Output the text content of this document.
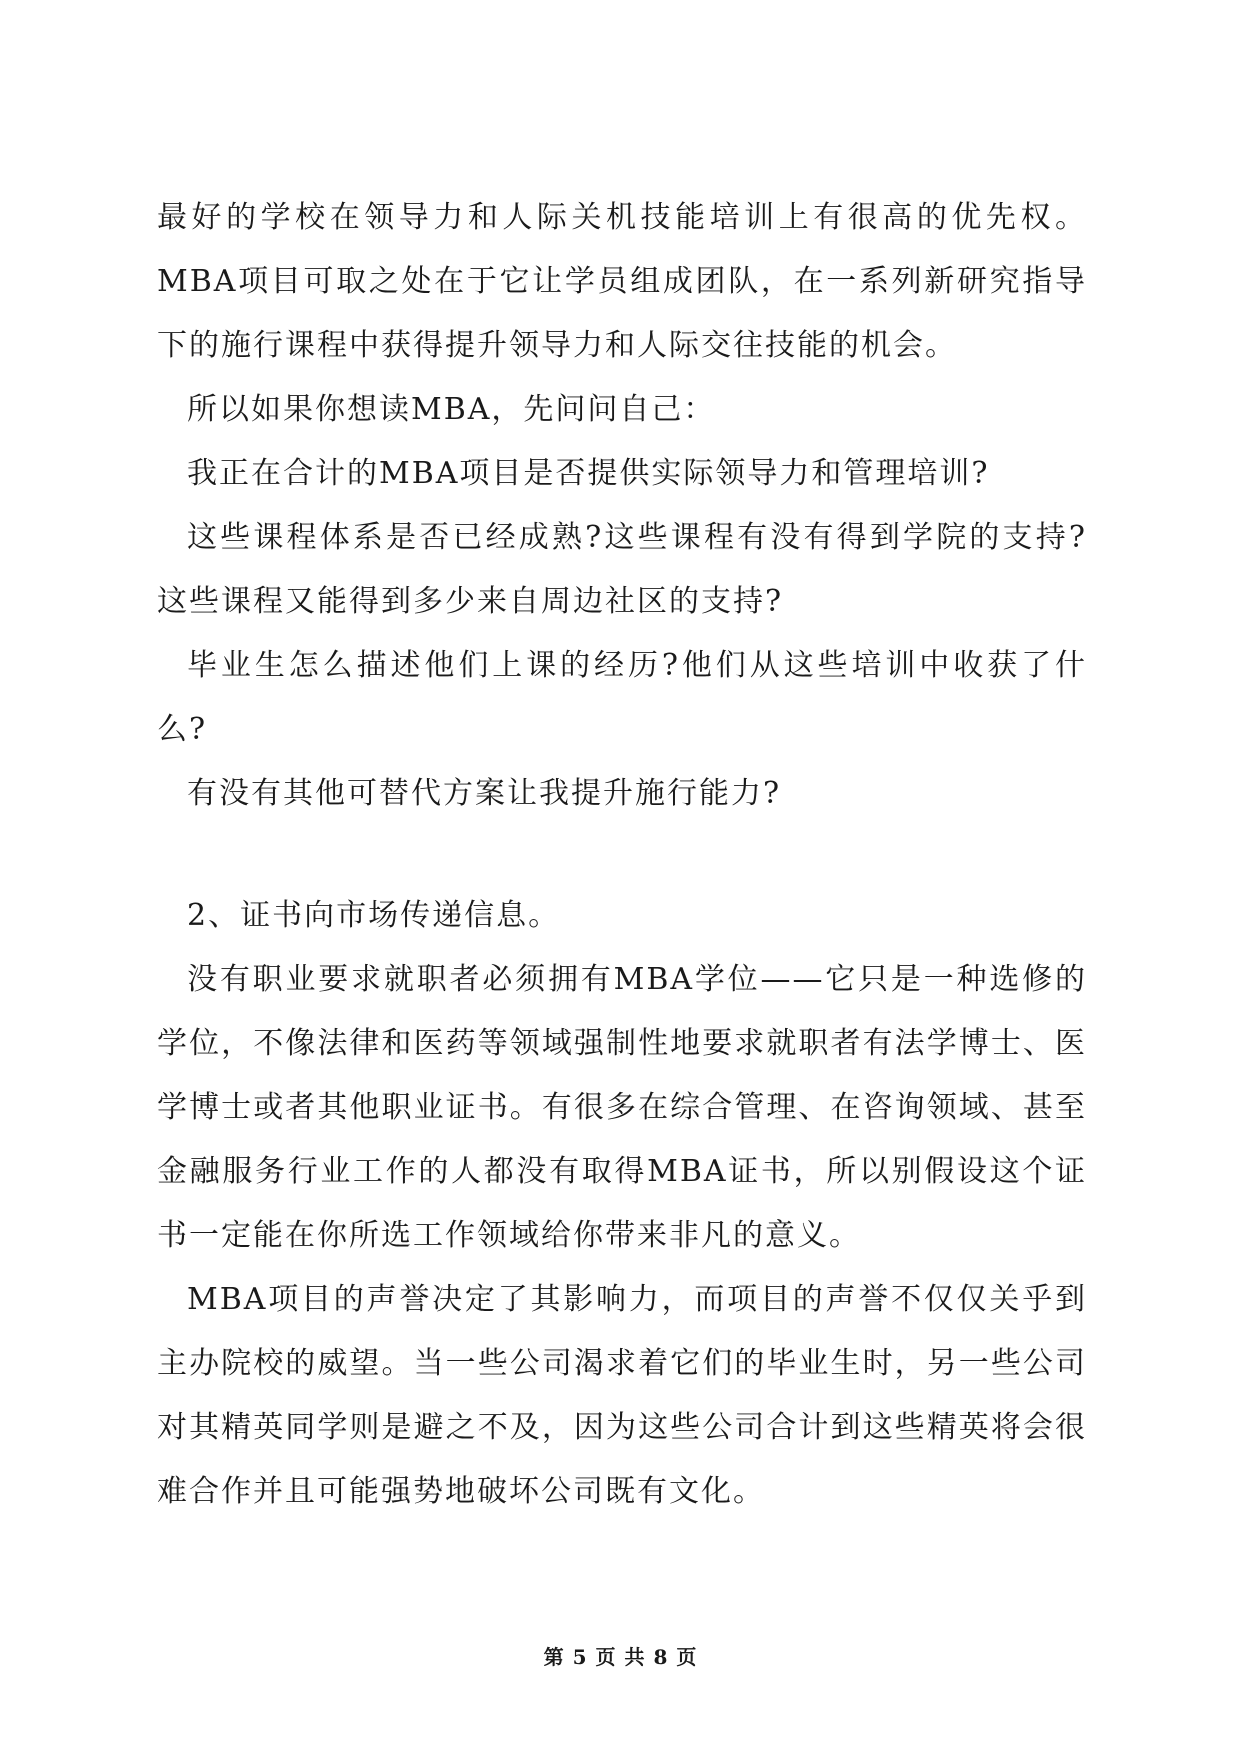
最好的学校在领导力和人际关机技能培训上有很高的优先权。MBA项目可取之处在于它让学员组成团队，在一系列新研究指导下的施行课程中获得提升领导力和人际交往技能的机会。

所以如果你想读MBA，先问问自己：

我正在合计的MBA项目是否提供实际领导力和管理培训?

这些课程体系是否已经成熟?这些课程有没有得到学院的支持?这些课程又能得到多少来自周边社区的支持?

毕业生怎么描述他们上课的经历?他们从这些培训中收获了什么?

有没有其他可替代方案让我提升施行能力?

2、证书向市场传递信息。

没有职业要求就职者必须拥有MBA学位——它只是一种选修的学位，不像法律和医药等领域强制性地要求就职者有法学博士、医学博士或者其他职业证书。有很多在综合管理、在咨询领域、甚至金融服务行业工作的人都没有取得MBA证书，所以别假设这个证书一定能在你所选工作领域给你带来非凡的意义。

MBA项目的声誉决定了其影响力，而项目的声誉不仅仅关乎到主办院校的威望。当一些公司渴求着它们的毕业生时，另一些公司对其精英同学则是避之不及，因为这些公司合计到这些精英将会很难合作并且可能强势地破坏公司既有文化。

第 5 页 共 8 页
